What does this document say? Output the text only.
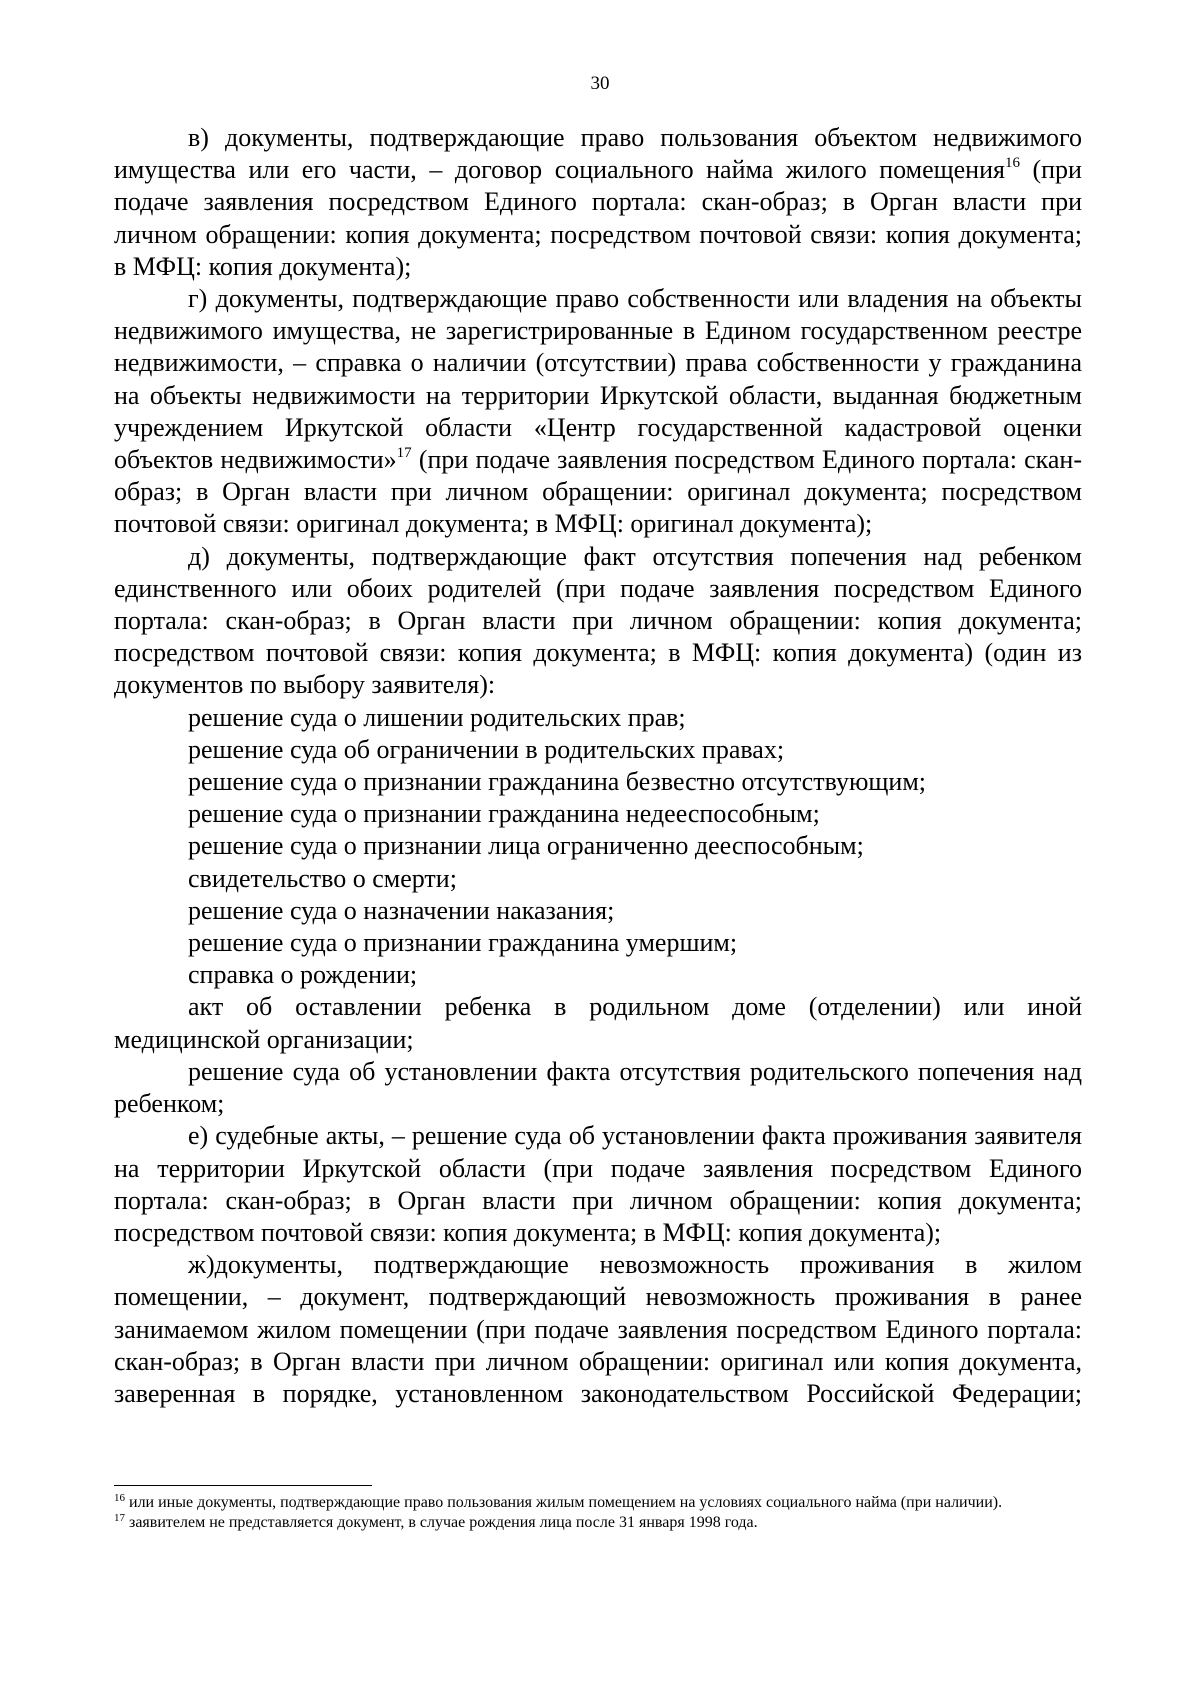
30

в) документы, подтверждающие право пользования объектом недвижимого имущества или его части, – договор социального найма жилого помещения$^{16}$ (при подаче заявления посредством Единого портала: скан-образ; в Орган власти при личном обращении: копия документа; посредством почтовой связи: копия документа; в МФЦ: копия документа);

г) документы, подтверждающие право собственности или владения на объекты недвижимого имущества, не зарегистрированные в Едином государственном реестре недвижимости, – справка о наличии (отсутствии) права собственности у гражданина на объекты недвижимости на территории Иркутской области, выданная бюджетным учреждением Иркутской области «Центр государственной кадастровой оценки объектов недвижимости»$^{17}$ (при подаче заявления посредством Единого портала: скан-образ; в Орган власти при личном обращении: оригинал документа; посредством почтовой связи: оригинал документа; в МФЦ: оригинал документа);

д) документы, подтверждающие факт отсутствия попечения над ребенком единственного или обоих родителей (при подаче заявления посредством Единого портала: скан-образ; в Орган власти при личном обращении: копия документа; посредством почтовой связи: копия документа; в МФЦ: копия документа) (один из документов по выбору заявителя):

решение суда о лишении родительских прав;

решение суда об ограничении в родительских правах;

решение суда о признании гражданина безвестно отсутствующим;

решение суда о признании гражданина недееспособным;

решение суда о признании лица ограниченно дееспособным;

свидетельство о смерти;

решение суда о назначении наказания;

решение суда о признании гражданина умершим;

справка о рождении;

акт об оставлении ребенка в родильном доме (отделении) или иной медицинской организации;

решение суда об установлении факта отсутствия родительского попечения над ребенком;

е) судебные акты, – решение суда об установлении факта проживания заявителя на территории Иркутской области (при подаче заявления посредством Единого портала: скан-образ; в Орган власти при личном обращении: копия документа; посредством почтовой связи: копия документа; в МФЦ: копия документа);

ж)документы, подтверждающие невозможность проживания в жилом помещении, – документ, подтверждающий невозможность проживания в ранее занимаемом жилом помещении (при подаче заявления посредством Единого портала: скан-образ; в Орган власти при личном обращении: оригинал или копия документа, заверенная в порядке, установленном законодательством Российской Федерации;

$^{16}$ или иные документы, подтверждающие право пользования жилым помещением на условиях социального найма (при наличии).

$^{17}$ заявителем не представляется документ, в случае рождения лица после 31 января 1998 года.
